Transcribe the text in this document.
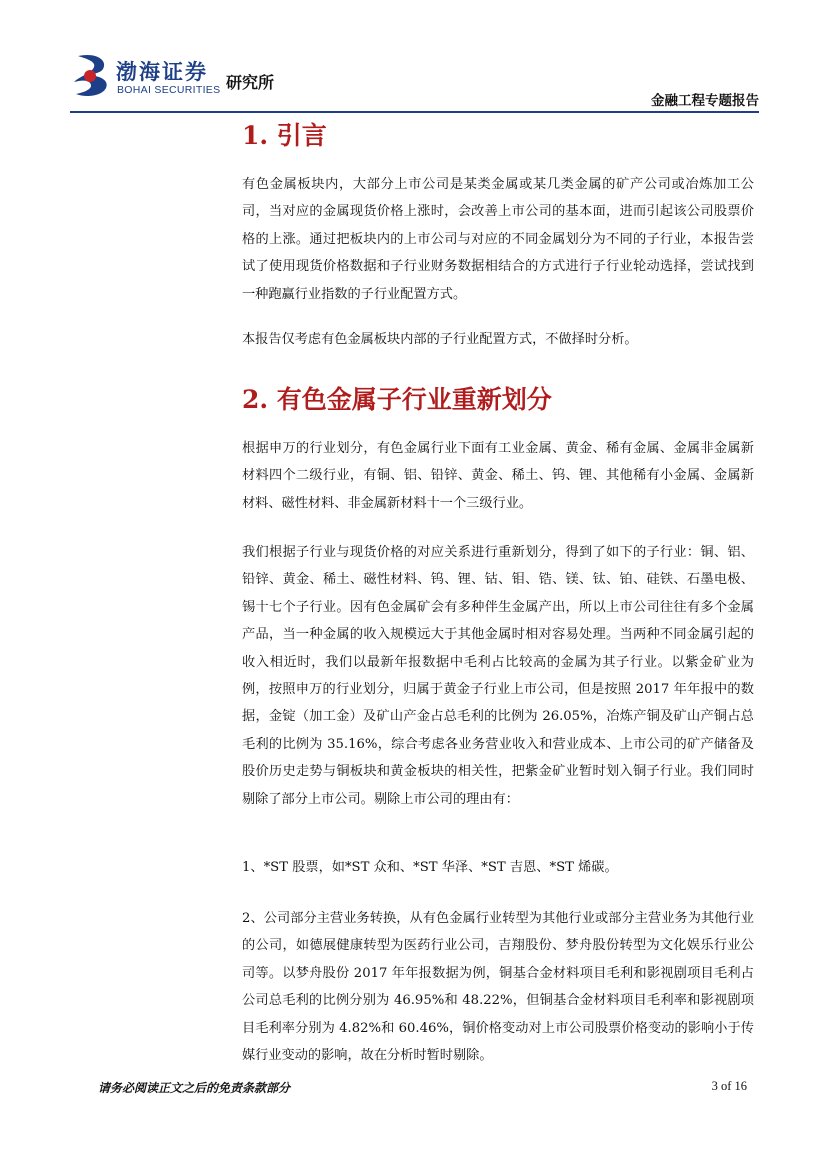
渤海证券
BOHAI SECURITIES 研究所
金融工程专题报告
1. 引言

有色金属板块内，大部分上市公司是某类金属或某几类金属的矿产公司或冶炼加工公司，当对应的金属现货价格上涨时，会改善上市公司的基本面，进而引起该公司股票价格的上涨。通过把板块内的上市公司与对应的不同金属划分为不同的子行业，本报告尝试了使用现货价格数据和子行业财务数据相结合的方式进行子行业轮动选择，尝试找到一种跑赢行业指数的子行业配置方式。

本报告仅考虑有色金属板块内部的子行业配置方式，不做择时分析。

2. 有色金属子行业重新划分

根据申万的行业划分，有色金属行业下面有工业金属、黄金、稀有金属、金属非金属新材料四个二级行业，有铜、铝、铅锌、黄金、稀土、钨、锂、其他稀有小金属、金属新材料、磁性材料、非金属新材料十一个三级行业。

我们根据子行业与现货价格的对应关系进行重新划分，得到了如下的子行业：铜、铝、铅锌、黄金、稀土、磁性材料、钨、锂、钴、钼、锆、镁、钛、铂、硅铁、石墨电极、锡十七个子行业。因有色金属矿会有多种伴生金属产出，所以上市公司往往有多个金属产品，当一种金属的收入规模远大于其他金属时相对容易处理。当两种不同金属引起的收入相近时，我们以最新年报数据中毛利占比较高的金属为其子行业。以紫金矿业为例，按照申万的行业划分，归属于黄金子行业上市公司，但是按照 2017 年年报中的数据，金锭（加工金）及矿山产金占总毛利的比例为 26.05%，冶炼产铜及矿山产铜占总毛利的比例为 35.16%，综合考虑各业务营业收入和营业成本、上市公司的矿产储备及股价历史走势与铜板块和黄金板块的相关性，把紫金矿业暂时划入铜子行业。我们同时剔除了部分上市公司。剔除上市公司的理由有：

1、*ST 股票，如*ST 众和、*ST 华泽、*ST 吉恩、*ST 烯碳。

2、公司部分主营业务转换，从有色金属行业转型为其他行业或部分主营业务为其他行业的公司，如德展健康转型为医药行业公司，吉翔股份、梦舟股份转型为文化娱乐行业公司等。以梦舟股份 2017 年年报数据为例，铜基合金材料项目毛利和影视剧项目毛利占公司总毛利的比例分别为 46.95%和 48.22%，但铜基合金材料项目毛利率和影视剧项目毛利率分别为 4.82%和 60.46%，铜价格变动对上市公司股票价格变动的影响小于传媒行业变动的影响，故在分析时暂时剔除。

请务必阅读正文之后的免责条款部分	3 of 16
